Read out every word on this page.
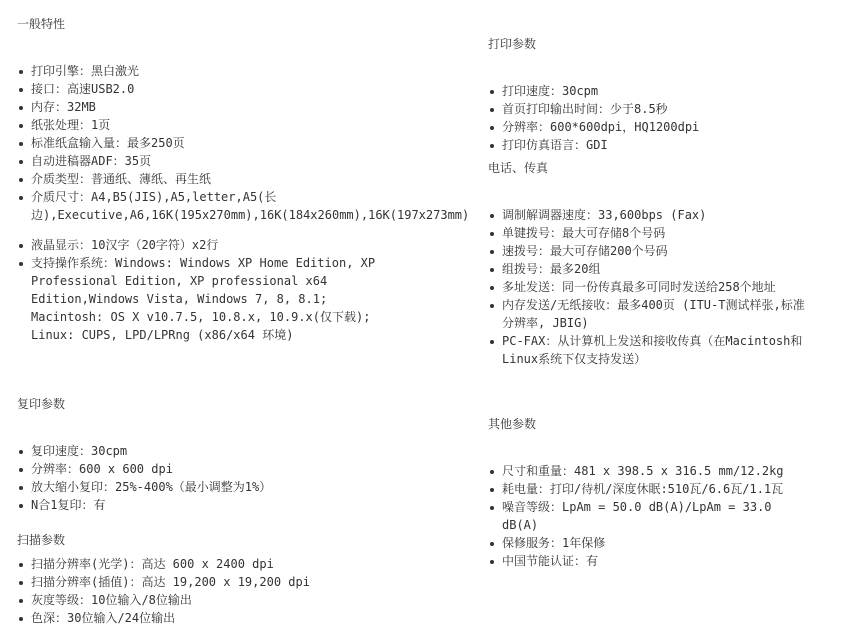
一般特性
打印引擎：黑白激光
接口：高速USB2.0
内存：32MB
纸张处理：1页
标准纸盒输入量：最多250页
自动进稿器ADF：35页
介质类型：普通纸、薄纸、再生纸
介质尺寸：A4,B5(JIS),A5,letter,A5(长边),Executive,A6,16K(195x270mm),16K(184x260mm),16K(197x273mm)
液晶显示：10汉字（20字符）x2行
支持操作系统：Windows: Windows XP Home Edition, XP Professional Edition, XP professional x64 Edition,Windows Vista, Windows 7, 8, 8.1; Macintosh: OS X v10.7.5, 10.8.x, 10.9.x(仅下载); Linux: CUPS, LPD/LPRng (x86/x64 环境)
复印参数
复印速度：30cpm
分辨率：600 x 600 dpi
放大缩小复印：25%-400%（最小调整为1%）
N合1复印：有
扫描参数
扫描分辨率(光学)：高达 600 x 2400 dpi
扫描分辨率(插值)：高达 19,200 x 19,200 dpi
灰度等级：10位输入/8位输出
色深：30位输入/24位输出
打印参数
打印速度：30cpm
首页打印输出时间：少于8.5秒
分辨率：600*600dpi，HQ1200dpi
打印仿真语言：GDI
电话、传真
调制解调器速度：33,600bps (Fax)
单键拨号：最大可存储8个号码
速拨号：最大可存储200个号码
组拨号：最多20组
多址发送：同一份传真最多可同时发送给258个地址
内存发送/无纸接收：最多400页 (ITU-T测试样张,标准分辨率, JBIG)
PC-FAX：从计算机上发送和接收传真（在Macintosh和Linux系统下仅支持发送）
其他参数
尺寸和重量：481 x 398.5 x 316.5 mm/12.2kg
耗电量：打印/待机/深度休眠:510瓦/6.6瓦/1.1瓦
噪音等级：LpAm = 50.0 dB(A)/LpAm = 33.0 dB(A)
保修服务：1年保修
中国节能认证：有
